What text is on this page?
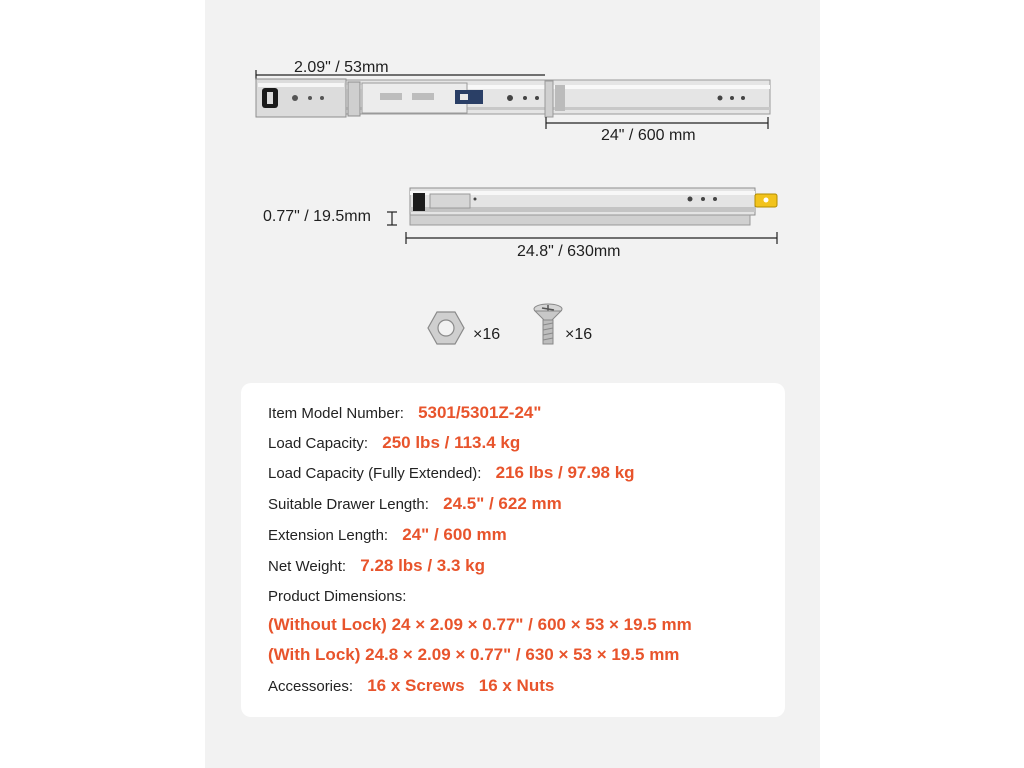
2.09" / 53mm
24" / 600 mm
0.77" / 19.5mm
24.8" / 630mm
×16	×16
Item Model Number: 5301/5301Z-24"
Load Capacity: 250 lbs / 113.4 kg
Load Capacity (Fully Extended): 216 lbs / 97.98 kg
Suitable Drawer Length: 24.5" / 622 mm
Extension Length: 24" / 600 mm
Net Weight: 7.28 lbs / 3.3 kg
Product Dimensions:
(Without Lock) 24 × 2.09 × 0.77" / 600 × 53 × 19.5 mm
(With Lock) 24.8 × 2.09 × 0.77" / 630 × 53 × 19.5 mm
Accessories: 16 x Screws 16 x Nuts
